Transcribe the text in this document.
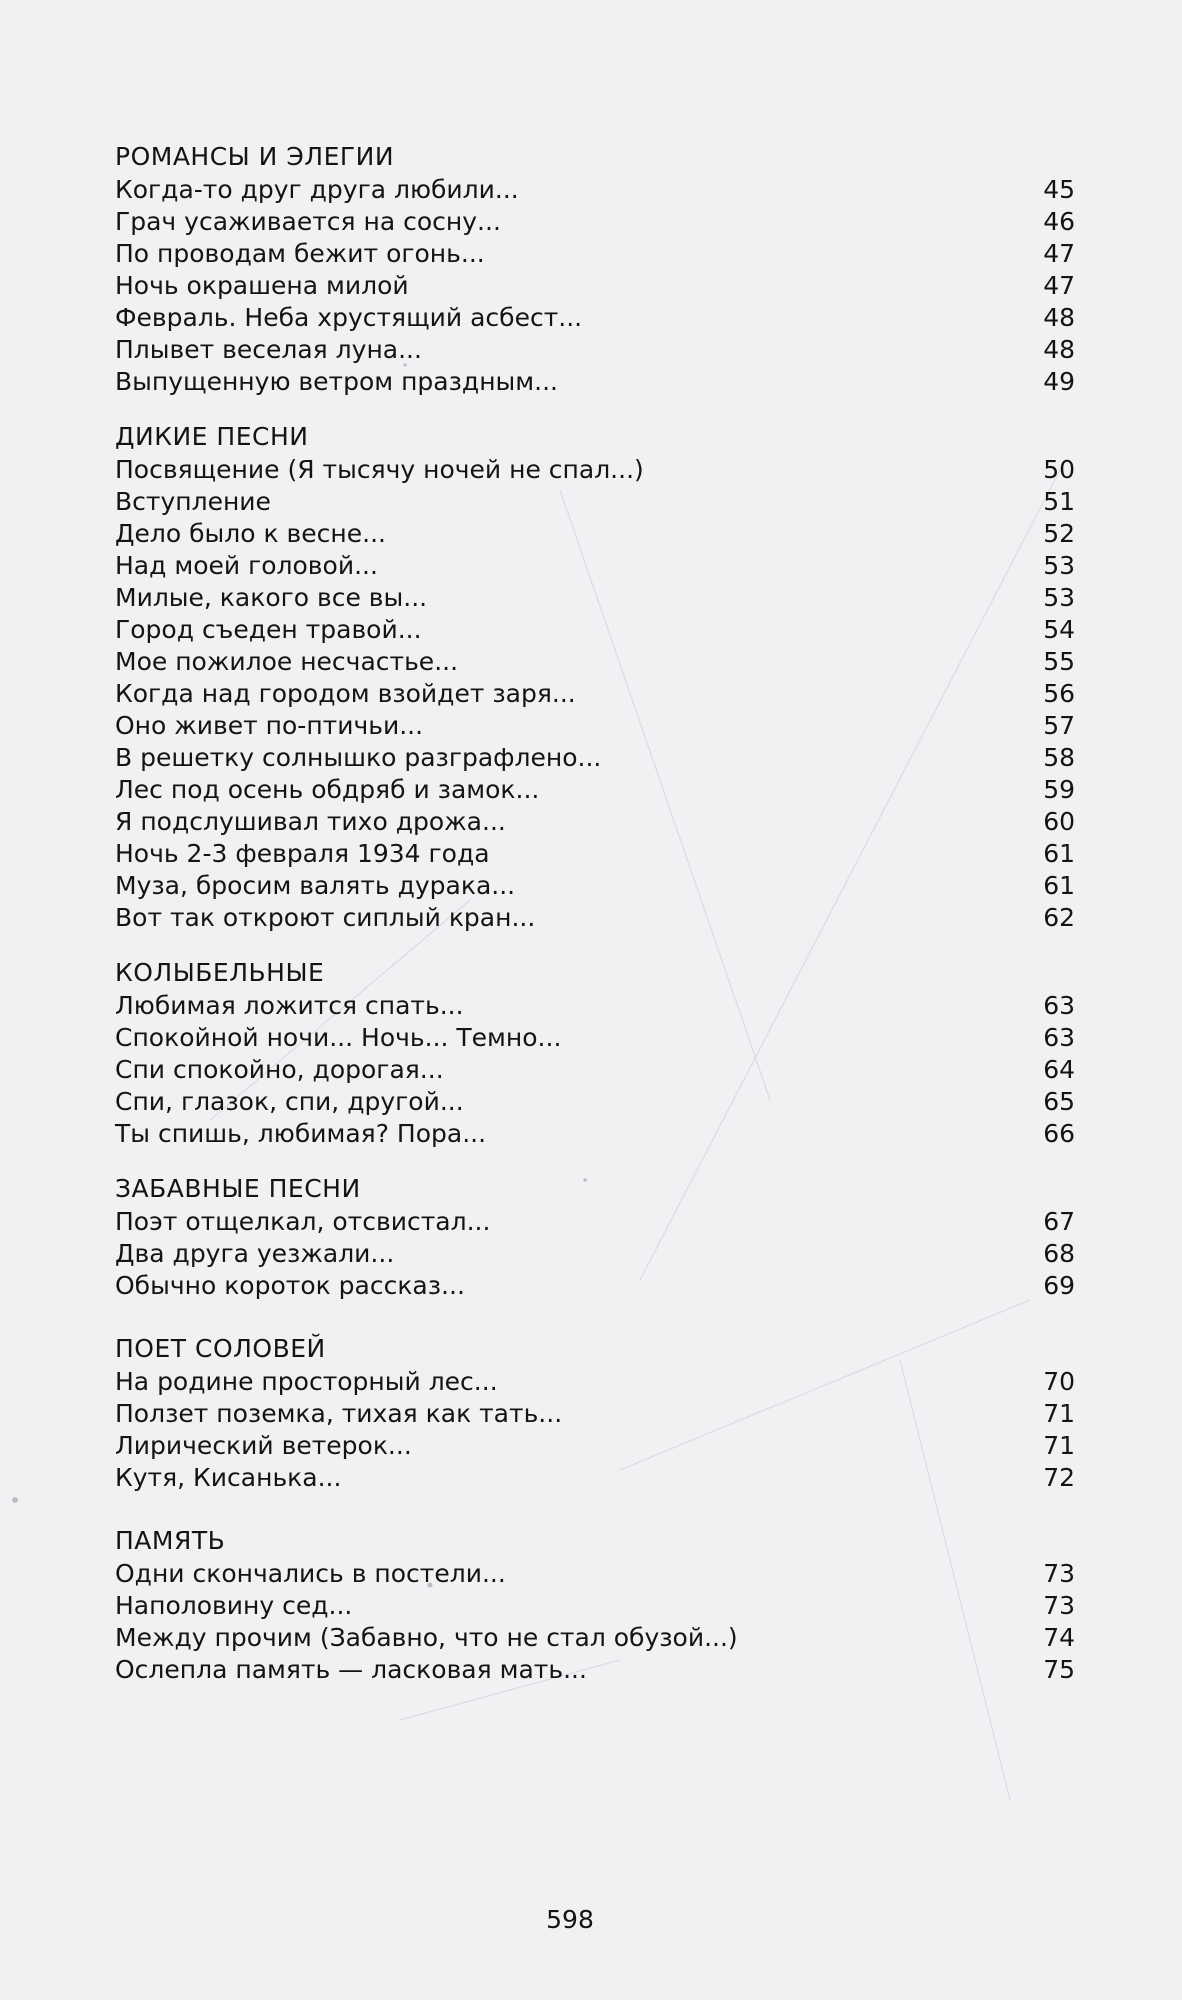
РОМАНСЫ И ЭЛЕГИИ
Когда-то друг друга любили...	45
Грач усаживается на сосну...	46
По проводам бежит огонь...	47
Ночь окрашена милой	47
Февраль. Неба хрустящий асбест...	48
Плывет веселая луна...	48
Выпущенную ветром праздным...	49
ДИКИЕ ПЕСНИ
Посвящение (Я тысячу ночей не спал...)	50
Вступление	51
Дело было к весне...	52
Над моей головой...	53
Милые, какого все вы...	53
Город съеден травой...	54
Мое пожилое несчастье...	55
Когда над городом взойдет заря...	56
Оно живет по-птичьи...	57
В решетку солнышко разграфлено...	58
Лес под осень обдряб и замок...	59
Я подслушивал тихо дрожа...	60
Ночь 2-3 февраля 1934 года	61
Муза, бросим валять дурака...	61
Вот так откроют сиплый кран...	62
КОЛЫБЕЛЬНЫЕ
Любимая ложится спать...	63
Спокойной ночи... Ночь... Темно...	63
Спи спокойно, дорогая...	64
Спи, глазок, спи, другой...	65
Ты спишь, любимая? Пора...	66
ЗАБАВНЫЕ ПЕСНИ
Поэт отщелкал, отсвистал...	67
Два друга уезжали...	68
Обычно короток рассказ...	69
ПОЕТ СОЛОВЕЙ
На родине просторный лес...	70
Ползет поземка, тихая как тать...	71
Лирический ветерок...	71
Кутя, Кисанька...	72
ПАМЯТЬ
Одни скончались в постели...	73
Наполовину сед...	73
Между прочим (Забавно, что не стал обузой...)	74
Ослепла память — ласковая мать...	75
598
